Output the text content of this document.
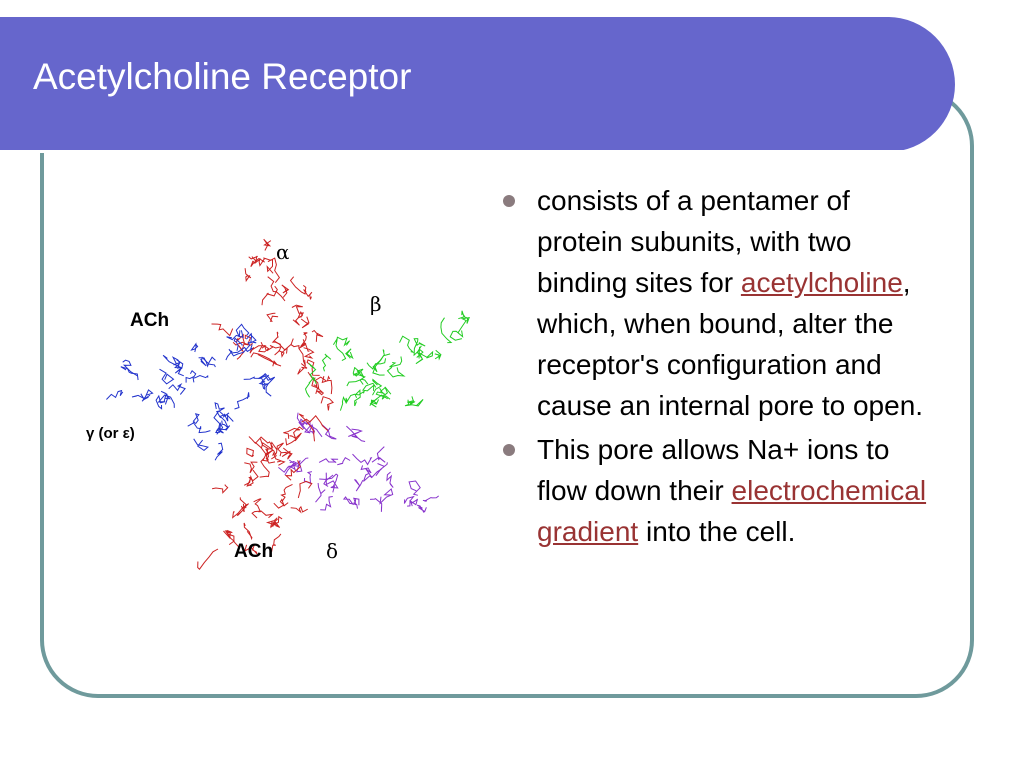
Acetylcholine Receptor
α
β
ACh
γ (or ε)
ACh	δ
consists of a pentamer of protein subunits, with two binding sites for acetylcholine, which, when bound, alter the receptor's configuration and cause an internal pore to open.
This pore allows Na+ ions to flow down their electrochemical gradient into the cell.
